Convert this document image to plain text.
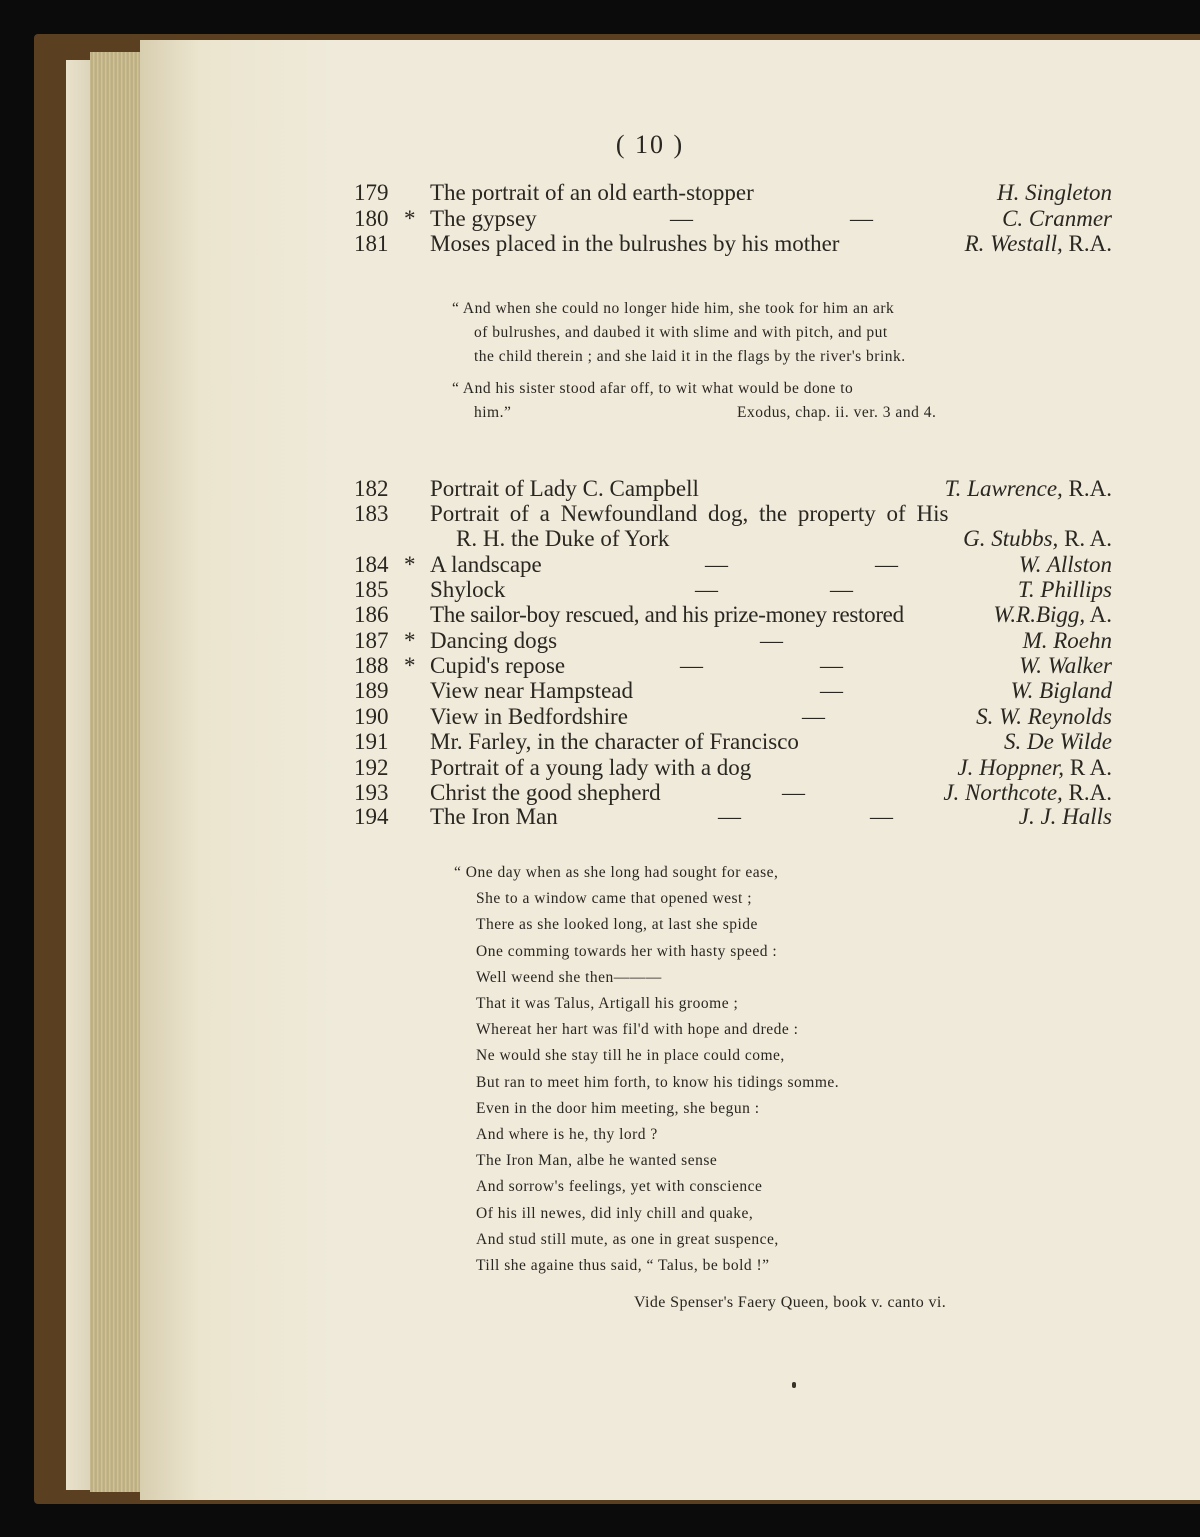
( 10 )
179 The portrait of an old earth-stopper	H. Singleton
180 * The gypsey	—	—	C. Cranmer
181 Moses placed in the bulrushes by his mother	R. Westall, R.A.
“ And when she could no longer hide him, she took for him an ark
of bulrushes, and daubed it with slime and with pitch, and put
the child therein ; and she laid it in the flags by the river's brink.
“ And his sister stood afar off, to wit what would be done to
him.”	Exodus, chap. ii. ver. 3 and 4.
182 Portrait of Lady C. Campbell	T. Lawrence, R.A.
183 Portrait of a Newfoundland dog, the property of His
R. H. the Duke of York	G. Stubbs, R. A.
184 * A landscape	—	—	W. Allston
185 Shylock	—	—	T. Phillips
186 The sailor-boy rescued, and his prize-money restored	W.R.Bigg, A.
187 * Dancing dogs	—	M. Roehn
188 * Cupid's repose	—	—	W. Walker
189 View near Hampstead	—	W. Bigland
190 View in Bedfordshire	—	S. W. Reynolds
191 Mr. Farley, in the character of Francisco	S. De Wilde
192 Portrait of a young lady with a dog	J. Hoppner, R A.
193 Christ the good shepherd	—	J. Northcote, R.A.
194 The Iron Man	—	—	J. J. Halls
“ One day when as she long had sought for ease,
She to a window came that opened west ;
There as she looked long, at last she spide
One comming towards her with hasty speed :
Well weend she then———
That it was Talus, Artigall his groome ;
Whereat her hart was fil'd with hope and drede :
Ne would she stay till he in place could come,
But ran to meet him forth, to know his tidings somme.
Even in the door him meeting, she begun :
And where is he, thy lord ?
The Iron Man, albe he wanted sense
And sorrow's feelings, yet with conscience
Of his ill newes, did inly chill and quake,
And stud still mute, as one in great suspence,
Till she againe thus said, “ Talus, be bold !”
Vide Spenser's Faery Queen, book v. canto vi.
